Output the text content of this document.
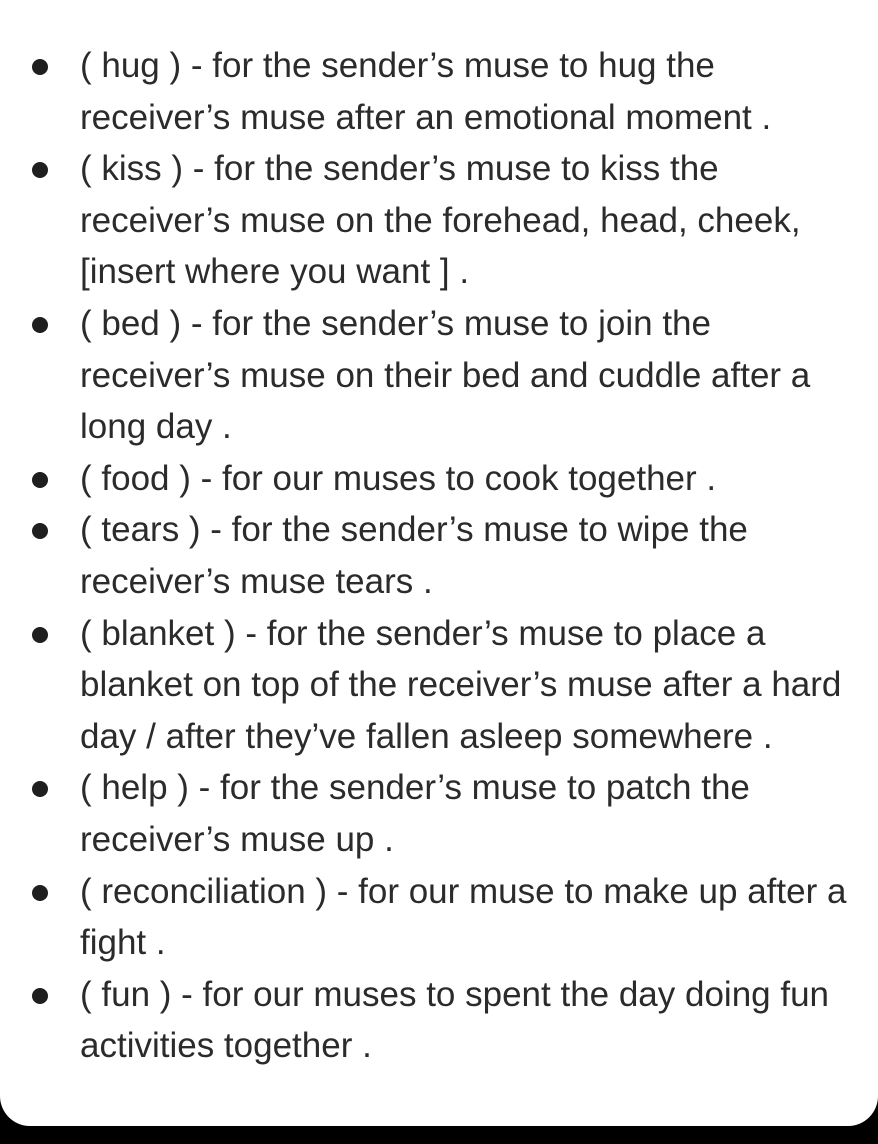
( hug ) - for the sender’s muse to hug the receiver’s muse after an emotional moment .
( kiss ) - for the sender’s muse to kiss the receiver’s muse on the forehead, head, cheek, [insert where you want ] .
( bed ) - for the sender’s muse to join the receiver’s muse on their bed and cuddle after a long day .
( food ) - for our muses to cook together .
( tears ) - for the sender’s muse to wipe the receiver’s muse tears .
( blanket ) - for the sender’s muse to place a blanket on top of the receiver’s muse after a hard day / after they’ve fallen asleep somewhere .
( help ) - for the sender’s muse to patch the receiver’s muse up .
( reconciliation ) - for our muse to make up after a fight .
( fun ) - for our muses to spent the day doing fun activities together .
